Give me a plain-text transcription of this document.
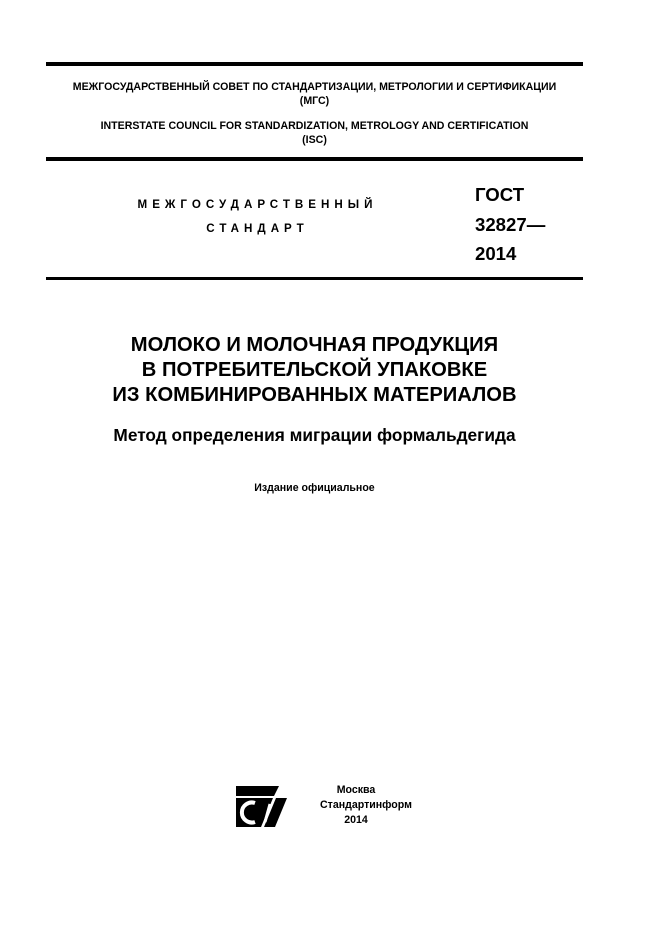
МЕЖГОСУДАРСТВЕННЫЙ СОВЕТ ПО СТАНДАРТИЗАЦИИ, МЕТРОЛОГИИ И СЕРТИФИКАЦИИ
(МГС)
INTERSTATE COUNCIL FOR STANDARDIZATION, METROLOGY AND CERTIFICATION
(ISC)
МЕЖГОСУДАРСТВЕННЫЙ
СТАНДАРТ
ГОСТ
32827—
2014
МОЛОКО И МОЛОЧНАЯ ПРОДУКЦИЯ
В ПОТРЕБИТЕЛЬСКОЙ УПАКОВКЕ
ИЗ КОМБИНИРОВАННЫХ МАТЕРИАЛОВ
Метод определения миграции формальдегида
Издание официальное
Москва
Стандартинформ
2014
